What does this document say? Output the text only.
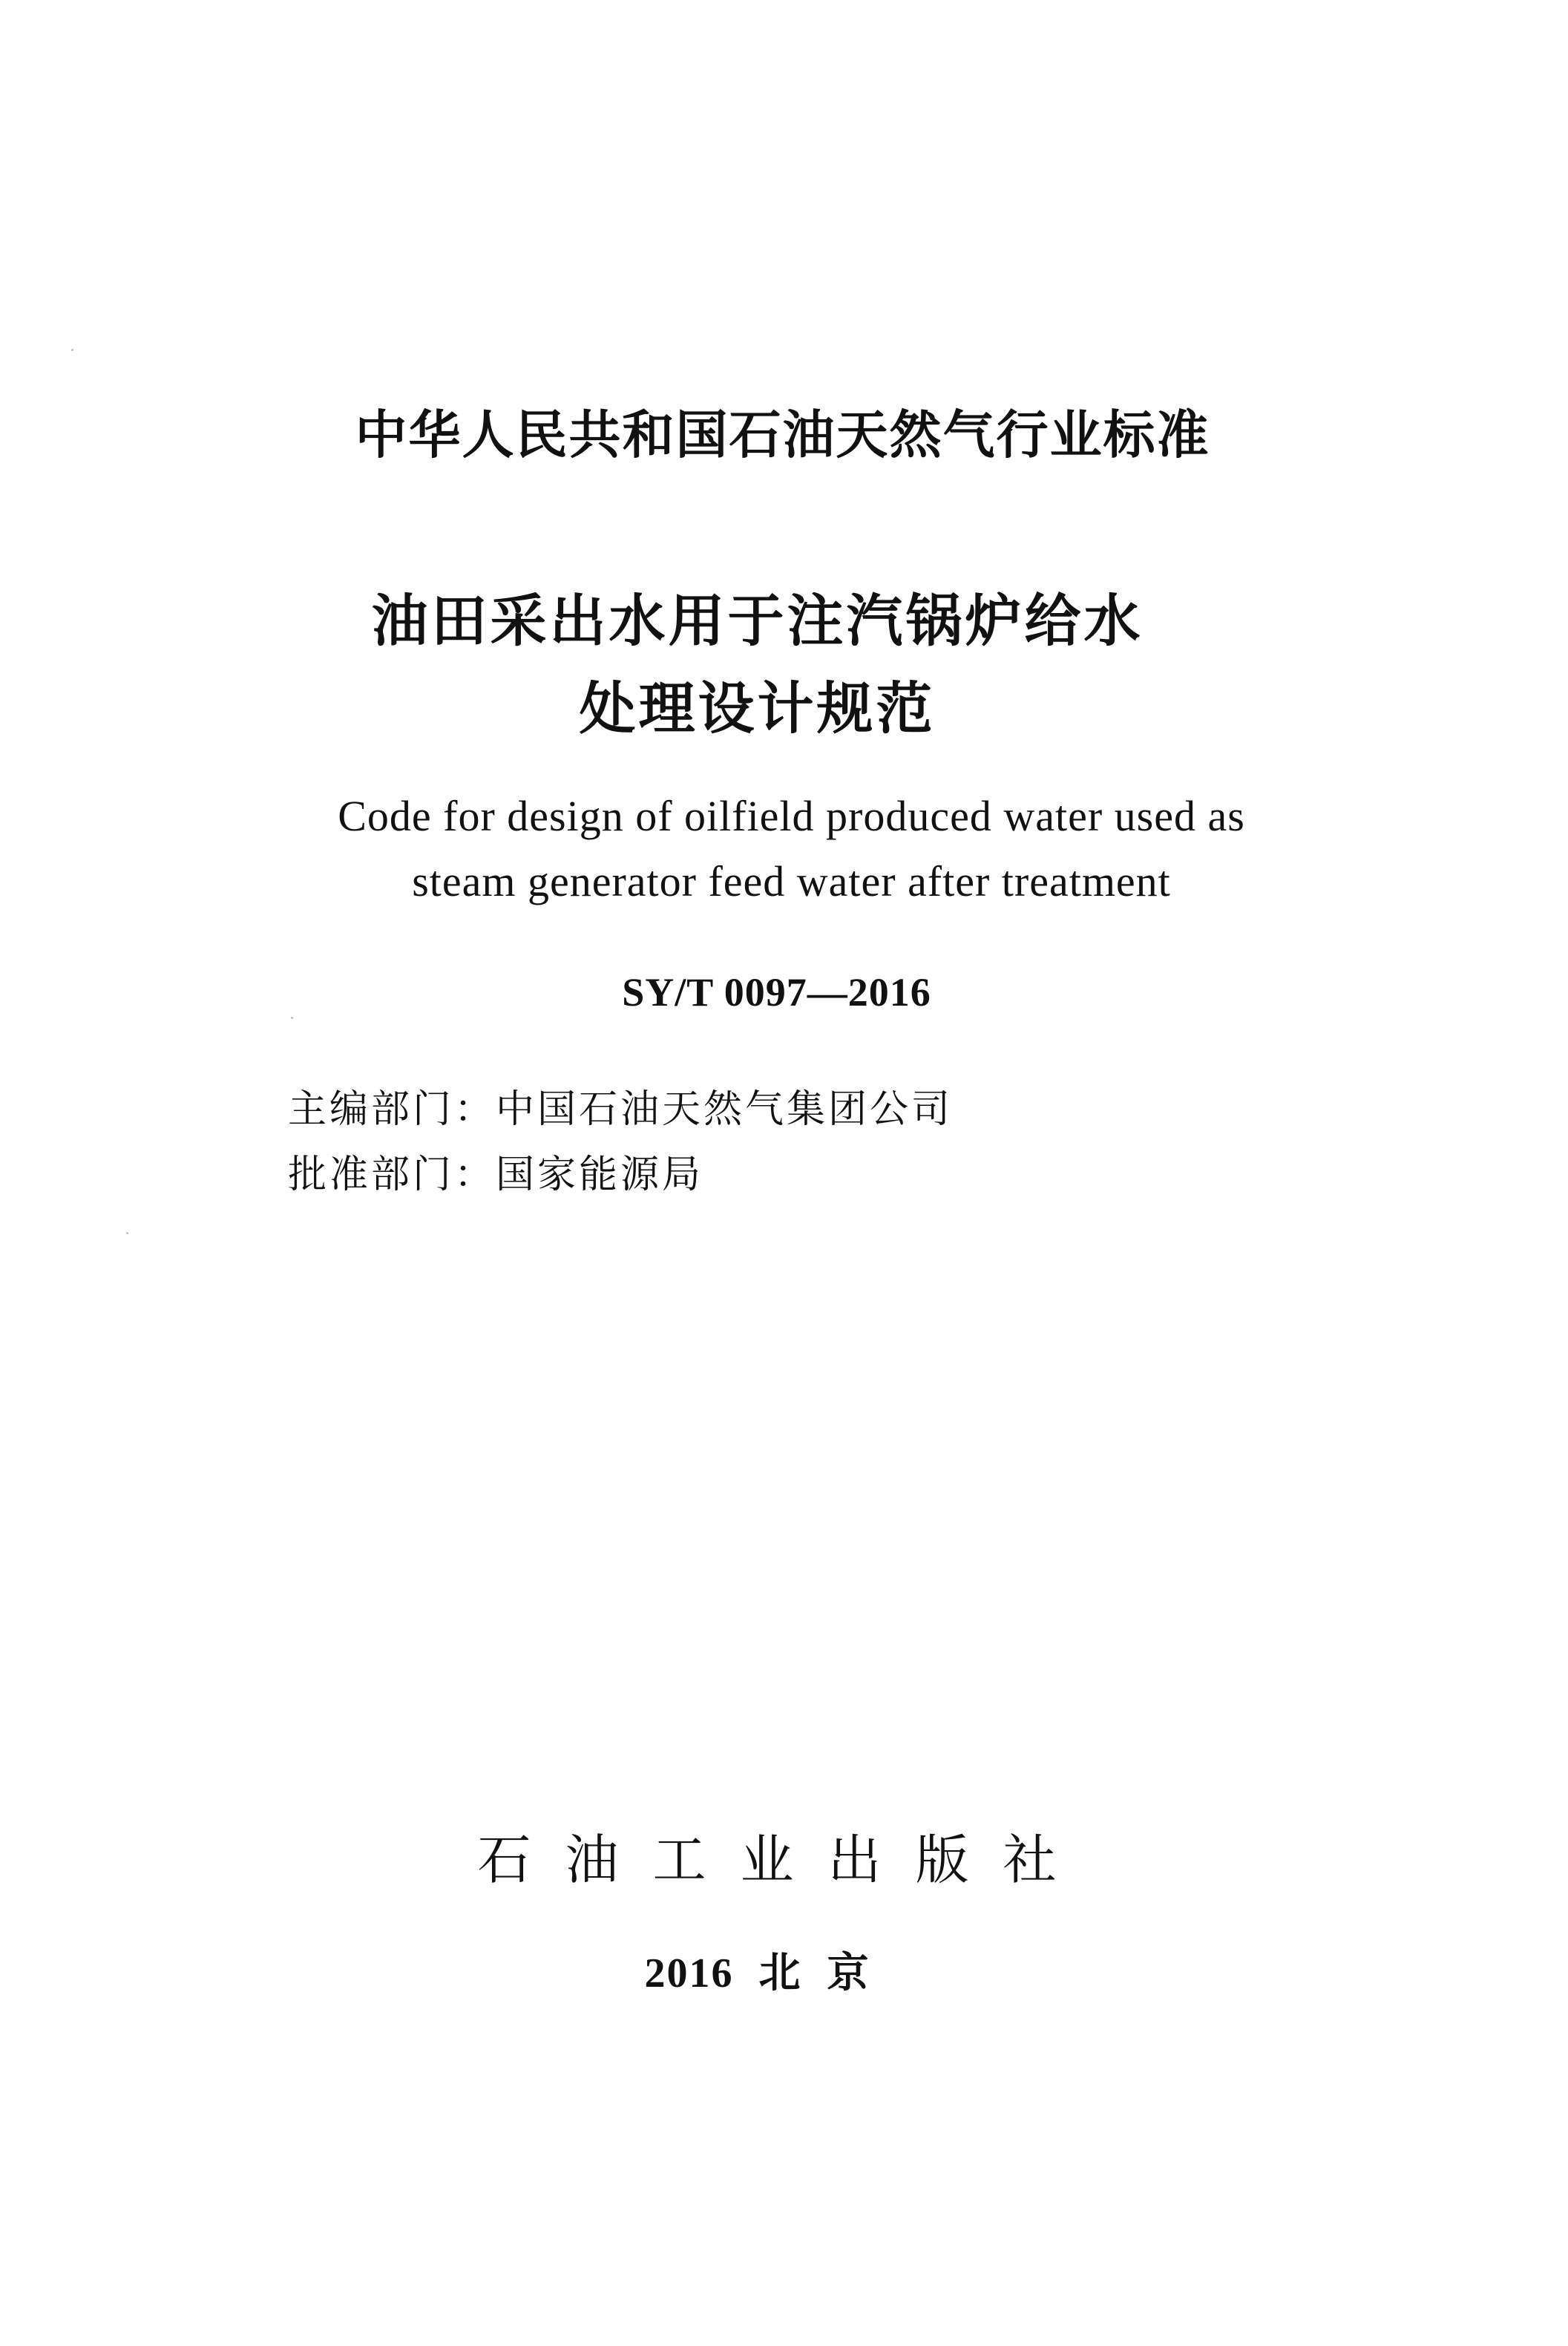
中华人民共和国石油天然气行业标准
油田采出水用于注汽锅炉给水
处理设计规范
Code for design of oilfield produced water used as
steam generator feed water after treatment
SY/T 0097—2016
主编部门：中国石油天然气集团公司
批准部门：国家能源局
石油工业出版社
2016 北 京
